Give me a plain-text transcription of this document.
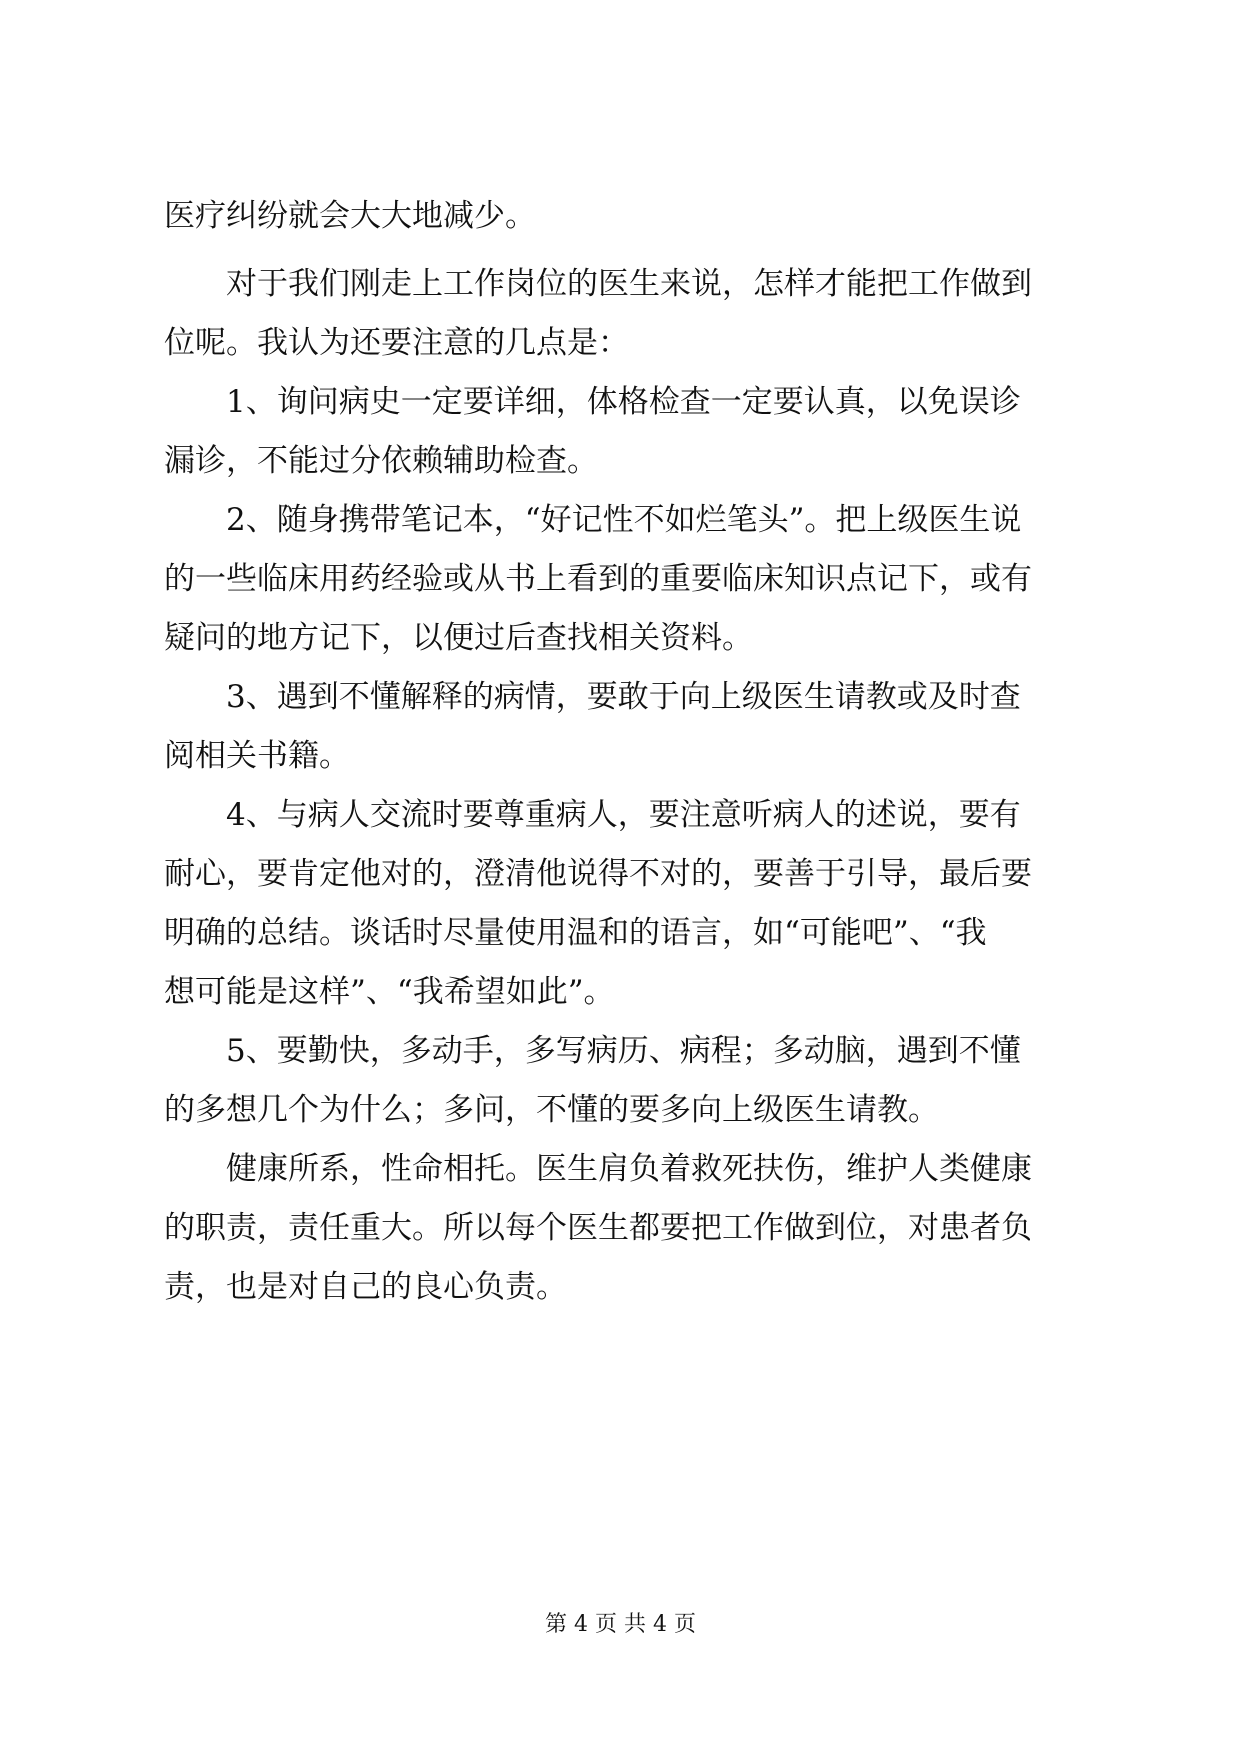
医疗纠纷就会大大地减少。
　　对于我们刚走上工作岗位的医生来说，怎样才能把工作做到
位呢。我认为还要注意的几点是：
　　1、询问病史一定要详细，体格检查一定要认真，以免误诊
漏诊，不能过分依赖辅助检查。
　　2、随身携带笔记本，“好记性不如烂笔头”。把上级医生说
的一些临床用药经验或从书上看到的重要临床知识点记下，或有
疑问的地方记下，以便过后查找相关资料。
　　3、遇到不懂解释的病情，要敢于向上级医生请教或及时查
阅相关书籍。
　　4、与病人交流时要尊重病人，要注意听病人的述说，要有
耐心，要肯定他对的，澄清他说得不对的，要善于引导，最后要
明确的总结。谈话时尽量使用温和的语言，如“可能吧”、“我
想可能是这样”、“我希望如此”。
　　5、要勤快，多动手，多写病历、病程；多动脑，遇到不懂
的多想几个为什么；多问，不懂的要多向上级医生请教。
　　健康所系，性命相托。医生肩负着救死扶伤，维护人类健康
的职责，责任重大。所以每个医生都要把工作做到位，对患者负
责，也是对自己的良心负责。
第 4 页 共 4 页
